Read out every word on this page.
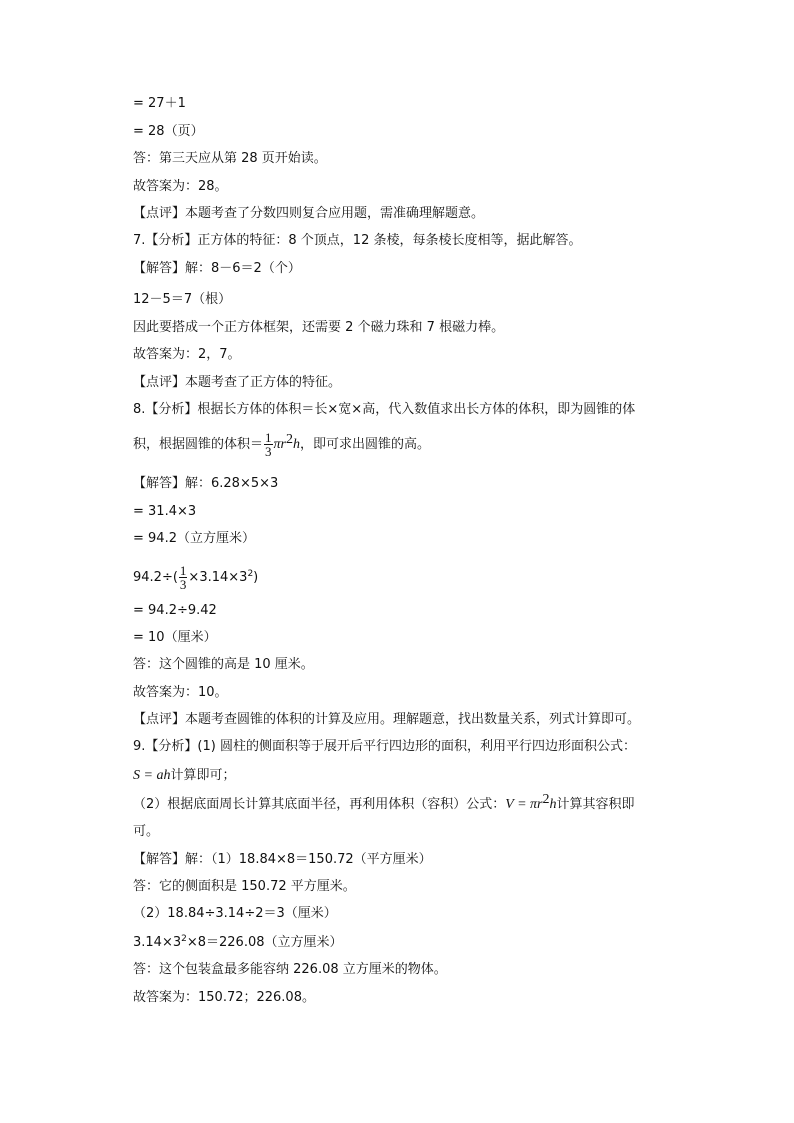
= 27＋1
= 28（页）
答：第三天应从第 28 页开始读。
故答案为：28。
【点评】本题考查了分数四则复合应用题，需准确理解题意。
7.【分析】正方体的特征：8 个顶点，12 条棱，每条棱长度相等，据此解答。
【解答】解：8－6＝2（个）
12－5＝7（根）
因此要搭成一个正方体框架，还需要 2 个磁力珠和 7 根磁力棒。
故答案为：2，7。
【点评】本题考查了正方体的特征。
8.【分析】根据长方体的体积＝长×宽×高，代入数值求出长方体的体积，即为圆锥的体
积，根据圆锥的体积＝ $\frac{1}{3} \pi r^2h$，即可求出圆锥的高。
【解答】解：6.28×5×3
= 31.4×3
= 94.2（立方厘米）
$94.2\div( \frac{1}{3} \times 3.14\times 3^2)$
= 94.2÷9.42
= 10（厘米）
答：这个圆锥的高是 10 厘米。
故答案为：10。
【点评】本题考查圆锥的体积的计算及应用。理解题意，找出数量关系，列式计算即可。
9.【分析】(1) 圆柱的侧面积等于展开后平行四边形的面积，利用平行四边形面积公式：
S = ah计算即可；
（2）根据底面周长计算其底面半径，再利用体积（容积）公式：$V = \pi r^2h$计算其容积即
可。
【解答】解：（1）18.84×8＝150.72（平方厘米）
答：它的侧面积是 150.72 平方厘米。
（2）18.84÷3.14÷2＝3（厘米）
$3.14\times 3^2\times 8=226.08$（立方厘米）
答：这个包装盒最多能容纳 226.08 立方厘米的物体。
故答案为：150.72；226.08。
